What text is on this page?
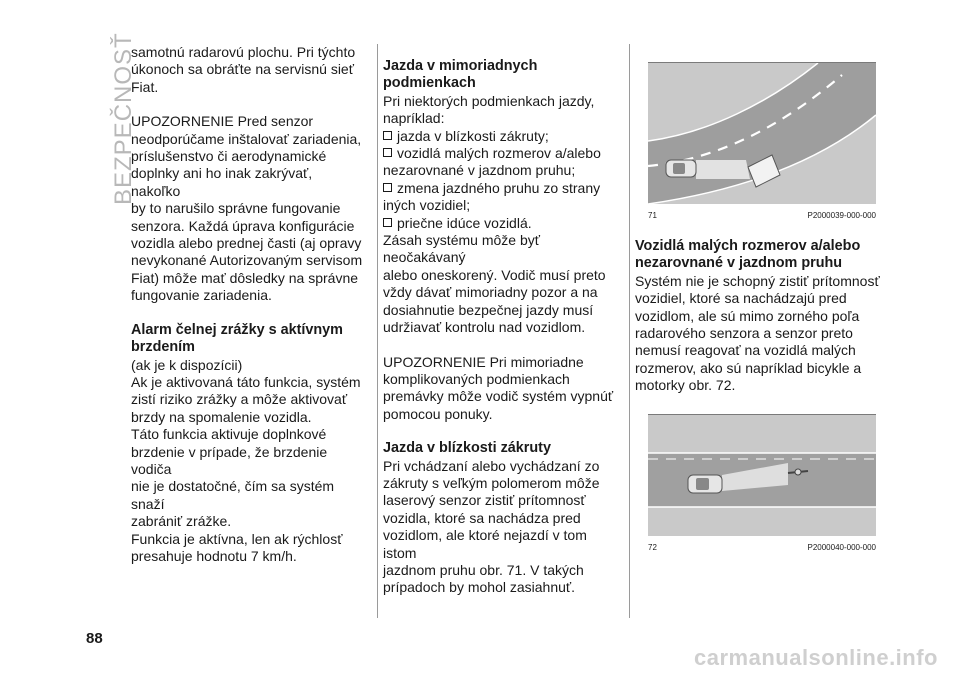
BEZPEČNOSŤ
88

samotnú radarovú plochu. Pri týchto

úkonoch sa obráťte na servisnú sieť

Fiat.

UPOZORNENIE Pred senzor

neodporúčame inštalovať zariadenia,

príslušenstvo či aerodynamické

doplnky ani ho inak zakrývať, nakoľko

by to narušilo správne fungovanie

senzora. Každá úprava konfigurácie

vozidla alebo prednej časti (aj opravy

nevykonané Autorizovaným servisom

Fiat) môže mať dôsledky na správne

fungovanie zariadenia.

Alarm čelnej zrážky s aktívnym
brzdením

(ak je k dispozícii)

Ak je aktivovaná táto funkcia, systém

zistí riziko zrážky a môže aktivovať

brzdy na spomalenie vozidla.

Táto funkcia aktivuje doplnkové

brzdenie v prípade, že brzdenie vodiča

nie je dostatočné, čím sa systém snaží

zabrániť zrážke.

Funkcia je aktívna, len ak rýchlosť

presahuje hodnotu 7 km/h.

Jazda v mimoriadnych
podmienkach

Pri niektorých podmienkach jazdy,

napríklad:

jazda v blízkosti zákruty;
vozidlá malých rozmerov a/alebo

nezarovnané v jazdnom pruhu;

zmena jazdného pruhu zo strany

iných vozidiel;

priečne idúce vozidlá.

Zásah systému môže byť neočakávaný

alebo oneskorený. Vodič musí preto

vždy dávať mimoriadny pozor a na

dosiahnutie bezpečnej jazdy musí

udržiavať kontrolu nad vozidlom.

UPOZORNENIE Pri mimoriadne

komplikovaných podmienkach

premávky môže vodič systém vypnúť

pomocou ponuky.

Jazda v blízkosti zákruty

Pri vchádzaní alebo vychádzaní zo

zákruty s veľkým polomerom môže

laserový senzor zistiť prítomnosť

vozidla, ktoré sa nachádza pred

vozidlom, ale ktoré nejazdí v tom istom

jazdnom pruhu obr. 71. V takých

prípadoch by mohol zasiahnuť.

71	P2000039-000-000
Vozidlá malých rozmerov a/alebo
nezarovnané v jazdnom pruhu

Systém nie je schopný zistiť prítomnosť

vozidiel, ktoré sa nachádzajú pred

vozidlom, ale sú mimo zorného poľa

radarového senzora a senzor preto

nemusí reagovať na vozidlá malých

rozmerov, ako sú napríklad bicykle a

motorky obr. 72.

72	P2000040-000-000
carmanualsonline.info
